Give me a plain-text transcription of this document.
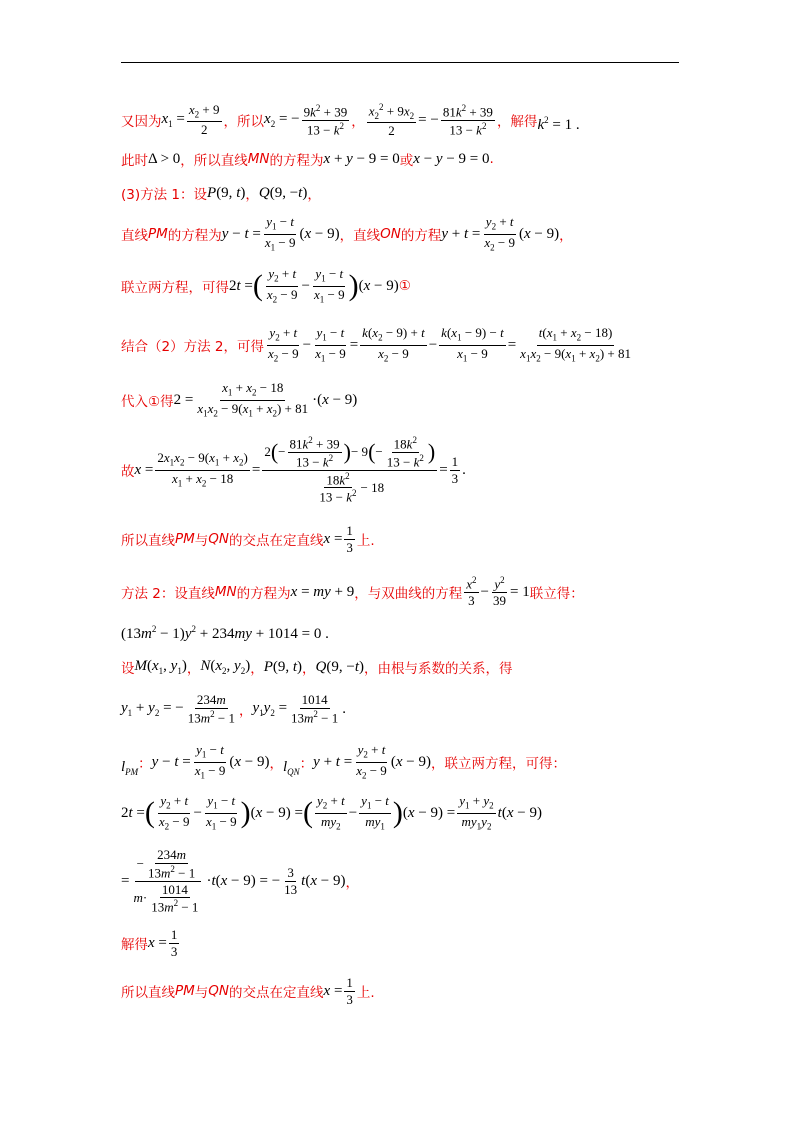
又因为 $x_1 = \frac{x_2 + 9}{2}$ ，所以 $x_2$ = − $\frac{9k^2 + 39}{13 - k^2}$ ， $\frac{x_2^2 + 9x_2}{2}$ = − $\frac{81k^2 + 39}{13 - k^2}$ ，解得 $k^2 = 1$ .
此时 Δ > 0 ，所以直线 MN 的方程为 x + y − 9 = 0 或 x − y − 9 = 0 .
(3)方法 1：设 P(9, t) ， Q(9, −t) ，
直线 PM 的方程为 $y - t = \frac{y_1 - t}{x_1 - 9} (x - 9)$ ，直线 ON 的方程 $y + t = \frac{y_2 + t}{x_2 - 9} (x - 9)$ ，
联立两方程，可得 2t = ( $\frac{y_2 + t}{x_2 - 9} - \frac{y_1 - t}{x_1 - 9}$ ) (x − 9) ①
结合（2）方法 2，可得 $\frac{y_2 + t}{x_2 - 9} - \frac{y_1 - t}{x_1 - 9} = \frac{k(x_2 - 9) + t}{x_2 - 9} - \frac{k(x_1 - 9) - t}{x_1 - 9} = \frac{t(x_1 + x_2 - 18)}{x_1x_2 - 9(x_1 + x_2) + 81}$
代入①得 $2 = \frac{x_1 + x_2 - 18}{x_1x_2 - 9(x_1 + x_2) + 81} \cdot(x - 9)$
故 $x = \frac{2x_1x_2 - 9(x_1 + x_2)}{x_1 + x_2 - 18} = \frac{2 ( - \frac{81k^2 + 39}{13 - k^2} ) - 9 ( - \frac{18k^2}{13 - k^2} )}{\frac{18k^2}{13 - k^2} - 18} = \frac{1}{3}$ .
所以直线 PM 与 QN 的交点在定直线 $x = \frac{1}{3}$ 上.
方法 2：设直线 MN 的方程为 x = my + 9 ，与双曲线的方程 $\frac{x^2}{3} - \frac{y^2}{39} = 1$ 联立得：
$(13m^2 - 1)y^2 + 234my + 1014 = 0$ .
设 $M(x_1$, $y_1$) ， $N(x_2$, $y_2$) ， P(9, t) ， Q(9, −t) ，由根与系数的关系，得
$y_1 + y_2$ = − $\frac{234m}{13m^2 - 1}$ ， $y_1y_2 = \frac{1014}{13m^2 - 1}$ .
$l_{PM}$ ： $y - t = \frac{y_1 - t}{x_1 - 9} (x - 9)$ ， $l_{QN}$ ： $y + t = \frac{y_2 + t}{x_2 - 9} (x - 9)$ ，联立两方程，可得：
2t = ( $\frac{y_2 + t}{x_2 - 9} - \frac{y_1 - t}{x_1 - 9}$ ) (x − 9) = ( $\frac{y_2 + t}{my_2} - \frac{y_1 - t}{my_1}$ ) $(x - 9) = \frac{y_1 + y_2}{my_1y_2} t(x - 9)$
= $\frac{- \frac{234m}{13m^2 - 1}}{m \cdot \frac{1014}{13m^2 - 1}} \cdot t(x - 9)$ = − $\frac{3}{13} t(x - 9)$ ，
解得 $x = \frac{1}{3}$
所以直线 PM 与 QN 的交点在定直线 $x = \frac{1}{3}$ 上.
